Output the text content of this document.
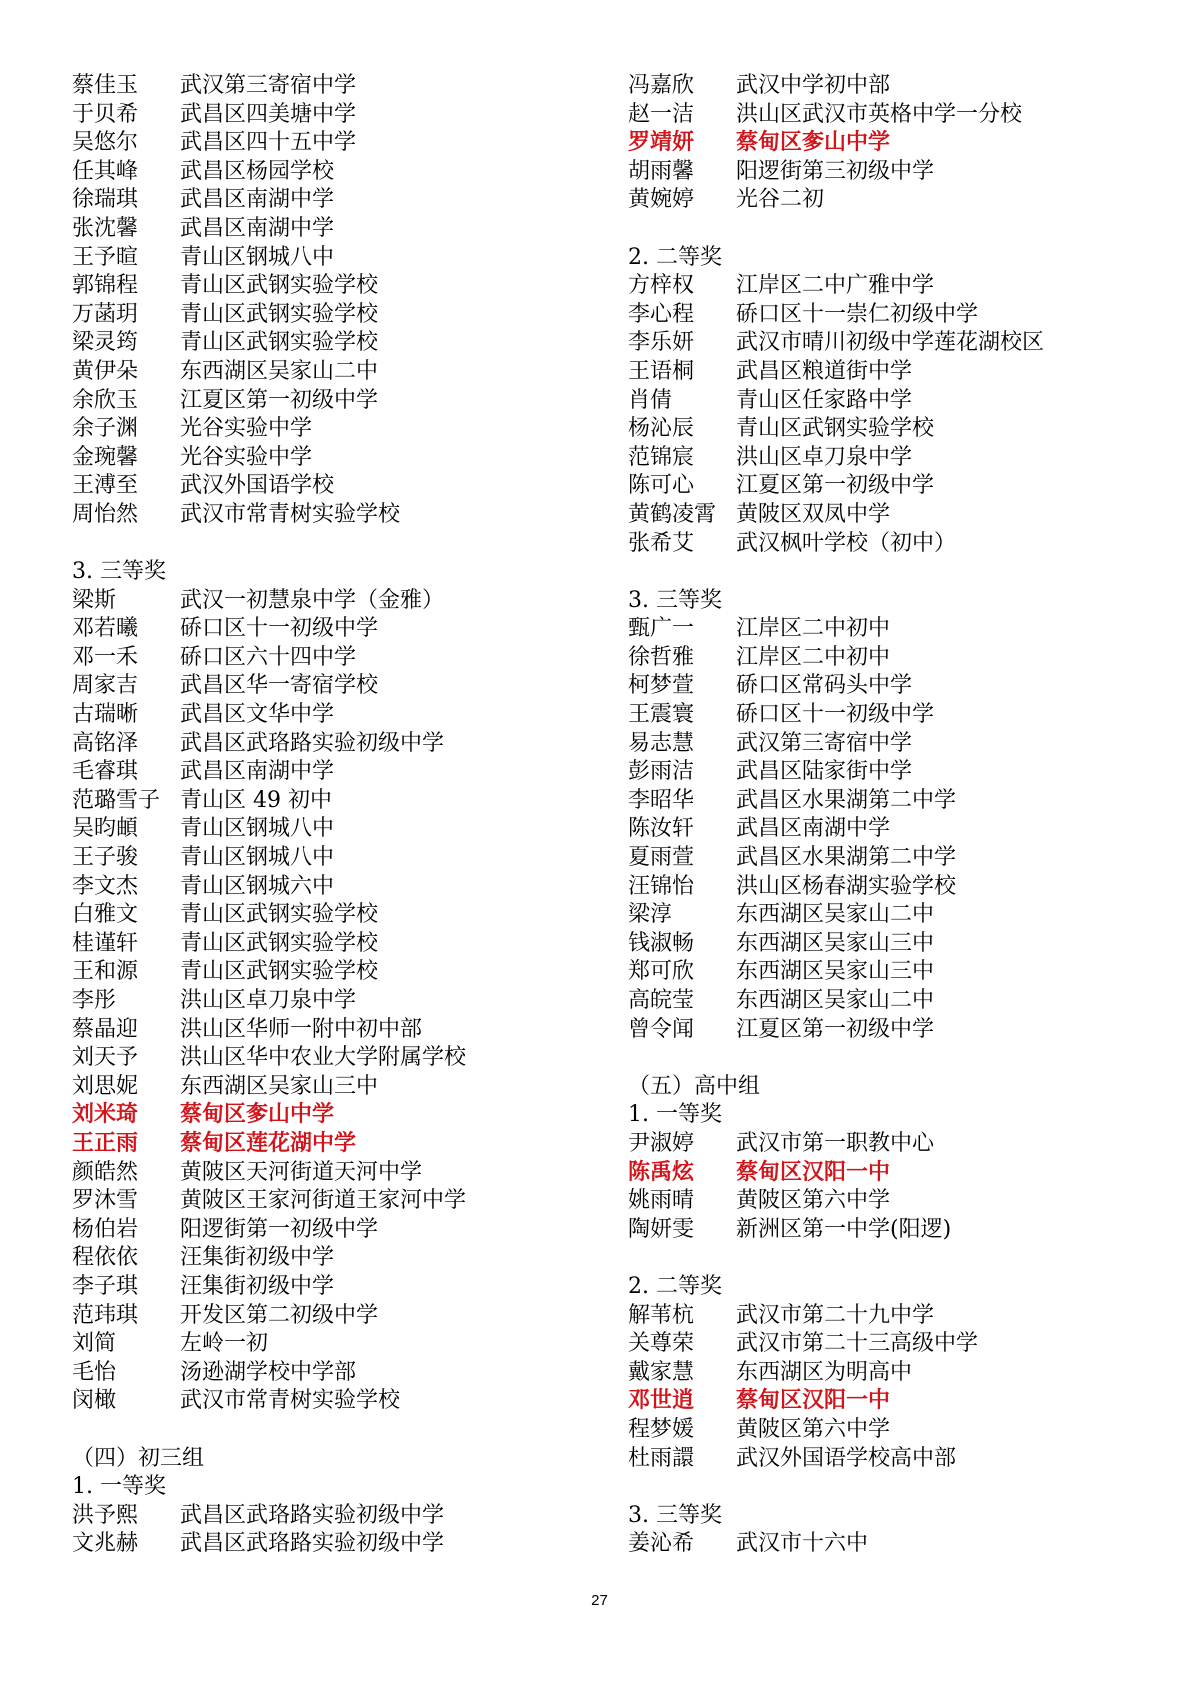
蔡佳玉 武汉第三寄宿中学
于贝希 武昌区四美塘中学
吴悠尔 武昌区四十五中学
任其峰 武昌区杨园学校
徐瑞琪 武昌区南湖中学
张沈馨 武昌区南湖中学
王予暄 青山区钢城八中
郭锦程 青山区武钢实验学校
万菡玥 青山区武钢实验学校
梁灵筠 青山区武钢实验学校
黄伊朵 东西湖区吴家山二中
余欣玉 江夏区第一初级中学
余子渊 光谷实验中学
金琬馨 光谷实验中学
王溥至 武汉外国语学校
周怡然 武汉市常青树实验学校
3. 三等奖
梁斯	武汉一初慧泉中学（金雅）
邓若曦 硚口区十一初级中学
邓一禾 硚口区六十四中学
周家吉 武昌区华一寄宿学校
古瑞晰 武昌区文华中学
高铭泽 武昌区武珞路实验初级中学
毛睿琪 武昌区南湖中学
范璐雪子 青山区 49 初中
吴昀頔 青山区钢城八中
王子骏 青山区钢城八中
李文杰 青山区钢城六中
白雅文 青山区武钢实验学校
桂谨轩 青山区武钢实验学校
王和源 青山区武钢实验学校
李彤	洪山区卓刀泉中学
蔡晶迎 洪山区华师一附中初中部
刘天予 洪山区华中农业大学附属学校
刘思妮 东西湖区吴家山三中
刘米琦 蔡甸区奓山中学
王正雨 蔡甸区莲花湖中学
颜皓然 黄陂区天河街道天河中学
罗沐雪 黄陂区王家河街道王家河中学
杨伯岩 阳逻街第一初级中学
程依依 汪集街初级中学
李子琪 汪集街初级中学
范玮琪 开发区第二初级中学
刘简	左岭一初
毛怡	汤逊湖学校中学部
闵橄	武汉市常青树实验学校
（四）初三组
1. 一等奖
洪予熙 武昌区武珞路实验初级中学
文兆赫 武昌区武珞路实验初级中学
冯嘉欣 武汉中学初中部
赵一洁 洪山区武汉市英格中学一分校
罗靖妍 蔡甸区奓山中学
胡雨馨 阳逻街第三初级中学
黄婉婷 光谷二初
2. 二等奖
方梓权 江岸区二中广雅中学
李心程 硚口区十一崇仁初级中学
李乐妍 武汉市晴川初级中学莲花湖校区
王语桐 武昌区粮道街中学
肖倩	青山区任家路中学
杨沁辰 青山区武钢实验学校
范锦宸 洪山区卓刀泉中学
陈可心 江夏区第一初级中学
黄鹤凌霄 黄陂区双凤中学
张希艾 武汉枫叶学校（初中）
3. 三等奖
甄广一 江岸区二中初中
徐哲雅 江岸区二中初中
柯梦萱 硚口区常码头中学
王震寰 硚口区十一初级中学
易志慧 武汉第三寄宿中学
彭雨洁 武昌区陆家街中学
李昭华 武昌区水果湖第二中学
陈汝轩 武昌区南湖中学
夏雨萱 武昌区水果湖第二中学
汪锦怡 洪山区杨春湖实验学校
梁淳	东西湖区吴家山二中
钱淑畅 东西湖区吴家山三中
郑可欣 东西湖区吴家山三中
高皖莹 东西湖区吴家山二中
曾令闻 江夏区第一初级中学
（五）高中组
1. 一等奖
尹淑婷 武汉市第一职教中心
陈禹炫 蔡甸区汉阳一中
姚雨晴 黄陂区第六中学
陶妍雯 新洲区第一中学(阳逻)
2. 二等奖
解苇杭 武汉市第二十九中学
关尊荣 武汉市第二十三高级中学
戴家慧 东西湖区为明高中
邓世逍 蔡甸区汉阳一中
程梦媛 黄陂区第六中学
杜雨譞 武汉外国语学校高中部
3. 三等奖
姜沁希 武汉市十六中
27
